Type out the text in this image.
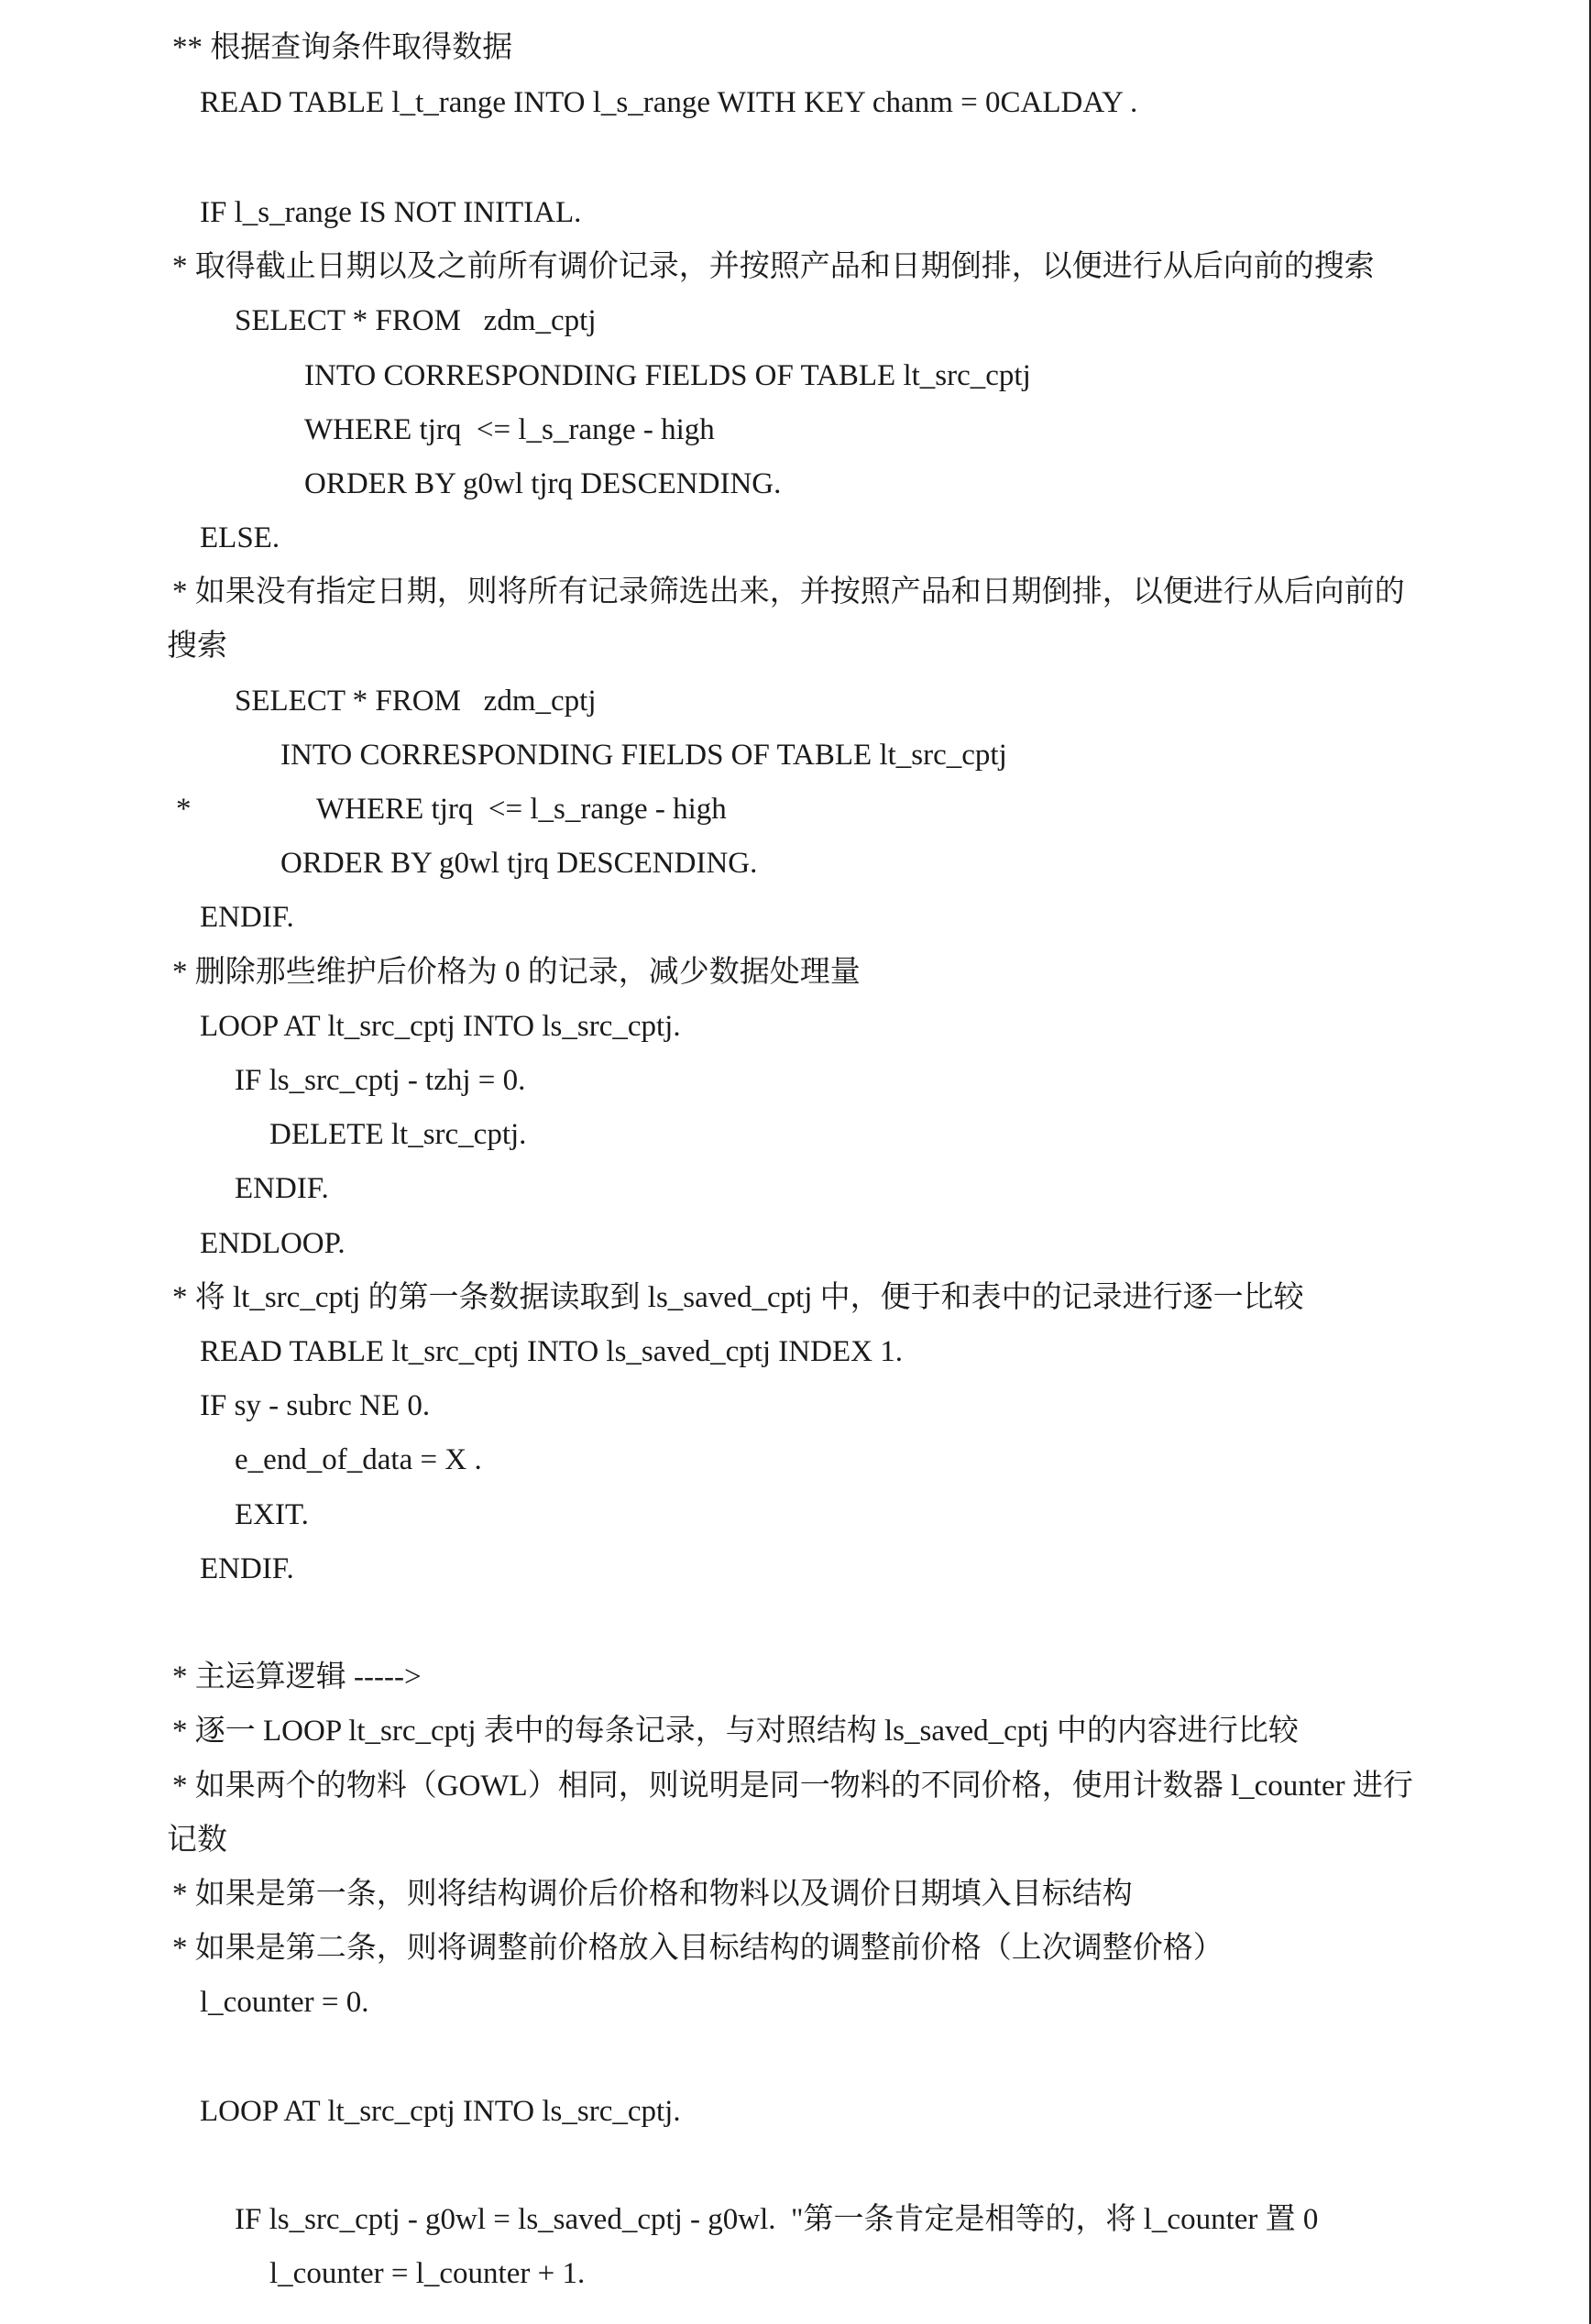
** 根据查询条件取得数据
READ TABLE l_t_range INTO l_s_range WITH KEY chanm = 0CALDAY .
IF l_s_range IS NOT INITIAL.
* 取得截止日期以及之前所有调价记录，并按照产品和日期倒排，以便进行从后向前的搜索
SELECT * FROM   zdm_cptj
INTO CORRESPONDING FIELDS OF TABLE lt_src_cptj
WHERE tjrq  <= l_s_range - high
ORDER BY g0wl tjrq DESCENDING.
ELSE.
* 如果没有指定日期，则将所有记录筛选出来，并按照产品和日期倒排，以便进行从后向前的
搜索
SELECT * FROM   zdm_cptj
INTO CORRESPONDING FIELDS OF TABLE lt_src_cptj
*	WHERE tjrq  <= l_s_range - high
ORDER BY g0wl tjrq DESCENDING.
ENDIF.
* 删除那些维护后价格为 0 的记录，减少数据处理量
LOOP AT lt_src_cptj INTO ls_src_cptj.
IF ls_src_cptj - tzhj = 0.
DELETE lt_src_cptj.
ENDIF.
ENDLOOP.
* 将 lt_src_cptj 的第一条数据读取到 ls_saved_cptj 中，便于和表中的记录进行逐一比较
READ TABLE lt_src_cptj INTO ls_saved_cptj INDEX 1.
IF sy - subrc NE 0.
e_end_of_data = X .
EXIT.
ENDIF.
* 主运算逻辑 ----->
* 逐一 LOOP lt_src_cptj 表中的每条记录，与对照结构 ls_saved_cptj 中的内容进行比较
* 如果两个的物料（GOWL）相同，则说明是同一物料的不同价格，使用计数器 l_counter 进行
记数
* 如果是第一条，则将结构调价后价格和物料以及调价日期填入目标结构
* 如果是第二条，则将调整前价格放入目标结构的调整前价格（上次调整价格）
l_counter = 0.
LOOP AT lt_src_cptj INTO ls_src_cptj.
IF ls_src_cptj - g0wl = ls_saved_cptj - g0wl.  "第一条肯定是相等的，将 l_counter 置 0
l_counter = l_counter + 1.
